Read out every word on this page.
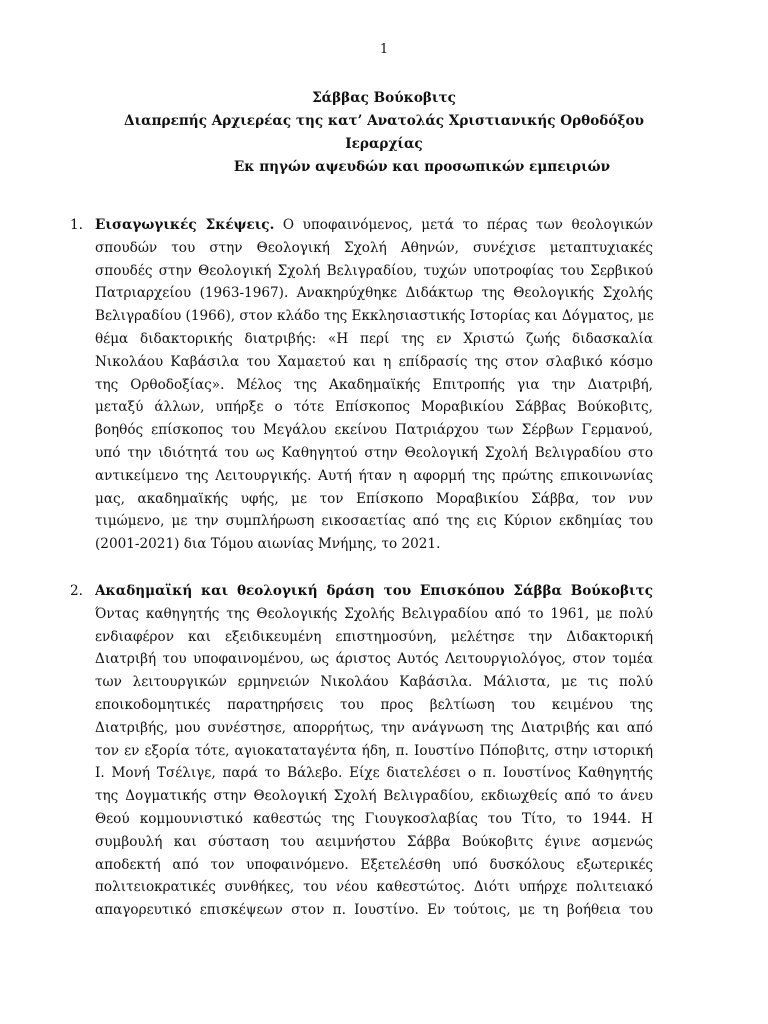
1
Σάββας Βούκοβιτς
Διαπρεπής Αρχιερέας της κατ’ Ανατολάς Χριστιανικής Ορθοδόξου
Ιεραρχίας
Εκ πηγών αψευδών και προσωπικών εμπειριών
1. Εισαγωγικές Σκέψεις. Ο υποφαινόμενος, μετά το πέρας των θεολογικών
σπουδών του στην Θεολογική Σχολή Αθηνών, συνέχισε μεταπτυχιακές
σπουδές στην Θεολογική Σχολή Βελιγραδίου, τυχών υποτροφίας του Σερβικού
Πατριαρχείου (1963-1967). Ανακηρύχθηκε Διδάκτωρ της Θεολογικής Σχολής
Βελιγραδίου (1966), στον κλάδο της Εκκλησιαστικής Ιστορίας και Δόγματος, με
θέμα διδακτορικής διατριβής: «Η περί της εν Χριστώ ζωής διδασκαλία
Νικολάου Καβάσιλα του Χαμαετού και η επίδρασίς της στον σλαβικό κόσμο
της Ορθοδοξίας». Μέλος της Ακαδημαϊκής Επιτροπής για την Διατριβή,
μεταξύ άλλων, υπήρξε ο τότε Επίσκοπος Μοραβικίου Σάββας Βούκοβιτς,
βοηθός επίσκοπος του Μεγάλου εκείνου Πατριάρχου των Σέρβων Γερμανού,
υπό την ιδιότητά του ως Καθηγητού στην Θεολογική Σχολή Βελιγραδίου στο
αντικείμενο της Λειτουργικής. Αυτή ήταν η αφορμή της πρώτης επικοινωνίας
μας, ακαδημαϊκής υφής, με τον Επίσκοπο Μοραβικίου Σάββα, τον νυν
τιμώμενο, με την συμπλήρωση εικοσαετίας από της εις Κύριον εκδημίας του
(2001-2021) δια Τόμου αιωνίας Μνήμης, το 2021.
2. Ακαδημαϊκή και θεολογική δράση του Επισκόπου Σάββα Βούκοβιτς
Όντας καθηγητής της Θεολογικής Σχολής Βελιγραδίου από το 1961, με πολύ
ενδιαφέρον και εξειδικευμένη επιστημοσύνη, μελέτησε την Διδακτορική
Διατριβή του υποφαινομένου, ως άριστος Αυτός Λειτουργιολόγος, στον τομέα
των λειτουργικών ερμηνειών Νικολάου Καβάσιλα. Μάλιστα, με τις πολύ
εποικοδομητικές παρατηρήσεις του προς βελτίωση του κειμένου της
Διατριβής, μου συνέστησε, απορρήτως, την ανάγνωση της Διατριβής και από
τον εν εξορία τότε, αγιοκαταταγέντα ήδη, π. Ιουστίνο Πόποβιτς, στην ιστορική
Ι. Μονή Τσέλιγε, παρά το Βάλεβο. Είχε διατελέσει ο π. Ιουστίνος Καθηγητής
της Δογματικής στην Θεολογική Σχολή Βελιγραδίου, εκδιωχθείς από το άνευ
Θεού κομμουνιστικό καθεστώς της Γιουγκοσλαβίας του Τίτο, το 1944. Η
συμβουλή και σύσταση του αειμνήστου Σάββα Βούκοβιτς έγινε ασμενώς
αποδεκτή από τον υποφαινόμενο. Εξετελέσθη υπό δυσκόλους εξωτερικές
πολιτειοκρατικές συνθήκες, του νέου καθεστώτος. Διότι υπήρχε πολιτειακό
απαγορευτικό επισκέψεων στον π. Ιουστίνο. Εν τούτοις, με τη βοήθεια του
